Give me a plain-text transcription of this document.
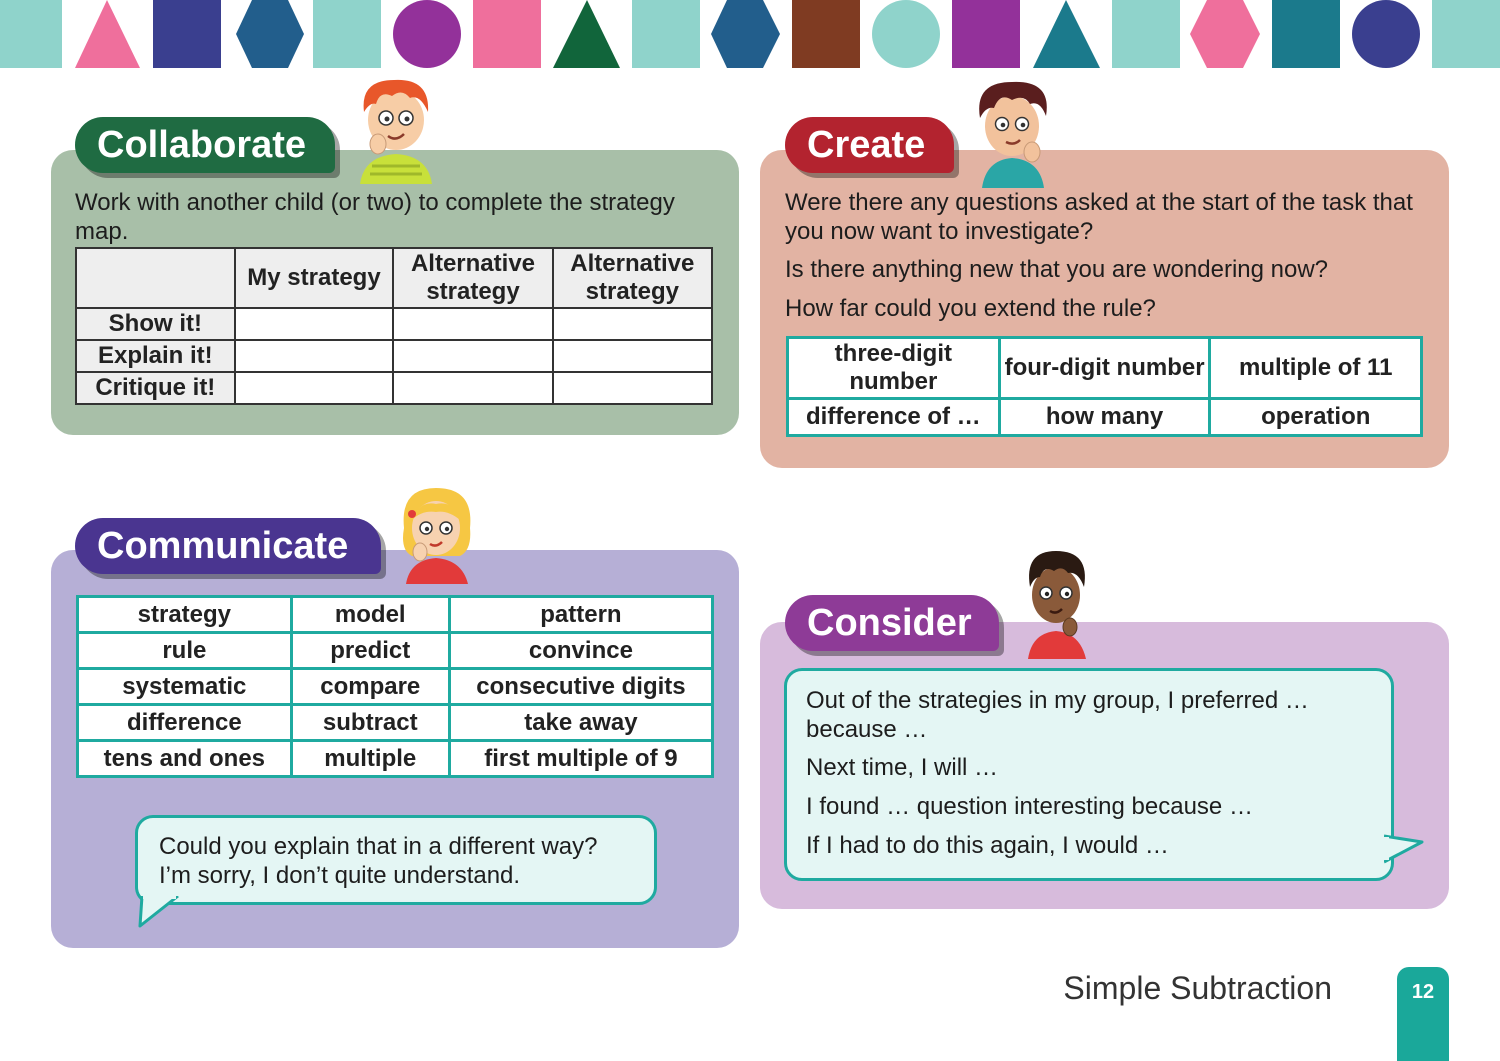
Collaborate
Work with another child (or two) to complete the strategy map.
	My strategy	Alternative strategy	Alternative strategy
Show it!			
Explain it!			
Critique it!			
Create
Were there any questions asked at the start of the task that you now want to investigate?
Is there anything new that you are wondering now?
How far could you extend the rule?
three-digit number	four-digit number	multiple of 11
difference of …	how many	operation
Communicate
strategy	model	pattern
rule	predict	convince
systematic	compare	consecutive digits
difference	subtract	take away
tens and ones	multiple	first multiple of 9
Could you explain that in a different way?
I’m sorry, I don’t quite understand.
Consider
Out of the strategies in my group, I preferred … because …
Next time, I will …
I found … question interesting because …
If I had to do this again, I would …
Simple Subtraction	12
